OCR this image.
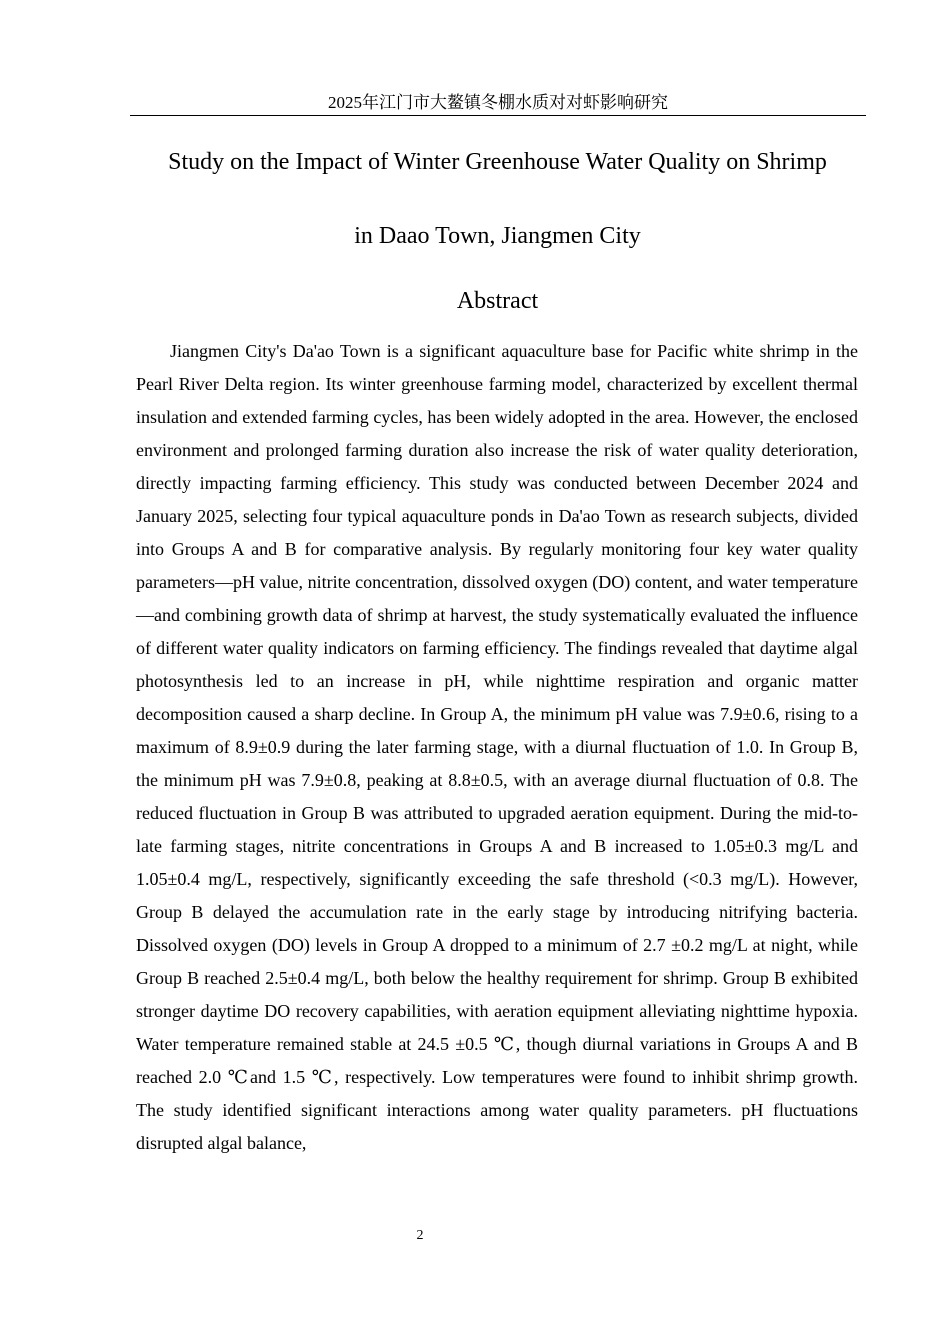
2025年江门市大鳌镇冬棚水质对对虾影响研究
Study on the Impact of Winter Greenhouse Water Quality on Shrimp
in Daao Town, Jiangmen City
Abstract

Jiangmen City's Da'ao Town is a significant aquaculture base for Pacific white shrimp in the Pearl River Delta region. Its winter greenhouse farming model, characterized by excellent thermal insulation and extended farming cycles, has been widely adopted in the area. However, the enclosed environment and prolonged farming duration also increase the risk of water quality deterioration, directly impacting farming efficiency. This study was conducted between December 2024 and January 2025, selecting four typical aquaculture ponds in Da'ao Town as research subjects, divided into Groups A and B for comparative analysis. By regularly monitoring four key water quality parameters—pH value, nitrite concentration, dissolved oxygen (DO) content, and water temperature—and combining growth data of shrimp at harvest, the study systematically evaluated the influence of different water quality indicators on farming efficiency. The findings revealed that daytime algal photosynthesis led to an increase in pH, while nighttime respiration and organic matter decomposition caused a sharp decline. In Group A, the minimum pH value was 7.9±0.6, rising to a maximum of 8.9±0.9 during the later farming stage, with a diurnal fluctuation of 1.0. In Group B, the minimum pH was 7.9±0.8, peaking at 8.8±0.5, with an average diurnal fluctuation of 0.8. The reduced fluctuation in Group B was attributed to upgraded aeration equipment. During the mid-to-late farming stages, nitrite concentrations in Groups A and B increased to 1.05±0.3 mg/L and 1.05±0.4 mg/L, respectively, significantly exceeding the safe threshold (<0.3 mg/L). However, Group B delayed the accumulation rate in the early stage by introducing nitrifying bacteria. Dissolved oxygen (DO) levels in Group A dropped to a minimum of 2.7 ±0.2 mg/L at night, while Group B reached 2.5±0.4 mg/L, both below the healthy requirement for shrimp. Group B exhibited stronger daytime DO recovery capabilities, with aeration equipment alleviating nighttime hypoxia. Water temperature remained stable at 24.5 ±0.5 ℃, though diurnal variations in Groups A and B reached 2.0 ℃and 1.5 ℃, respectively. Low temperatures were found to inhibit shrimp growth. The study identified significant interactions among water quality parameters. pH fluctuations disrupted algal balance,

2
